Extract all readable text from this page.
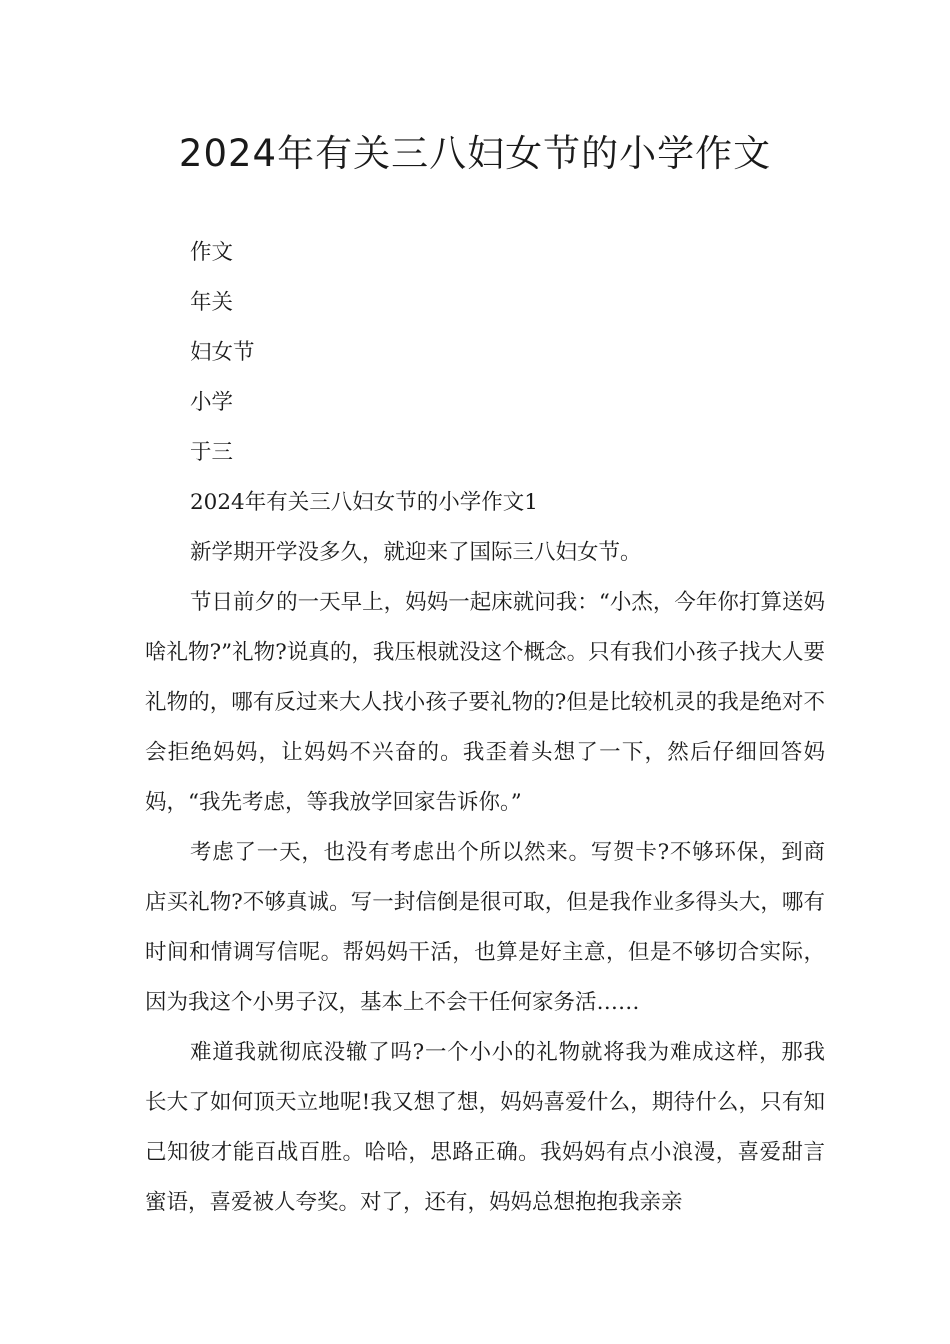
2024年有关三八妇女节的小学作文

作文

年关

妇女节

小学

于三

2024年有关三八妇女节的小学作文1

新学期开学没多久，就迎来了国际三八妇女节。

节日前夕的一天早上，妈妈一起床就问我：“小杰，今年你打算送妈啥礼物?”礼物?说真的，我压根就没这个概念。只有我们小孩子找大人要礼物的，哪有反过来大人找小孩子要礼物的?但是比较机灵的我是绝对不会拒绝妈妈，让妈妈不兴奋的。我歪着头想了一下，然后仔细回答妈妈，“我先考虑，等我放学回家告诉你。”

考虑了一天，也没有考虑出个所以然来。写贺卡?不够环保，到商店买礼物?不够真诚。写一封信倒是很可取，但是我作业多得头大，哪有时间和情调写信呢。帮妈妈干活，也算是好主意，但是不够切合实际，因为我这个小男子汉，基本上不会干任何家务活……

难道我就彻底没辙了吗?一个小小的礼物就将我为难成这样，那我长大了如何顶天立地呢!我又想了想，妈妈喜爱什么，期待什么，只有知己知彼才能百战百胜。哈哈，思路正确。我妈妈有点小浪漫，喜爱甜言蜜语，喜爱被人夸奖。对了，还有，妈妈总想抱抱我亲亲
